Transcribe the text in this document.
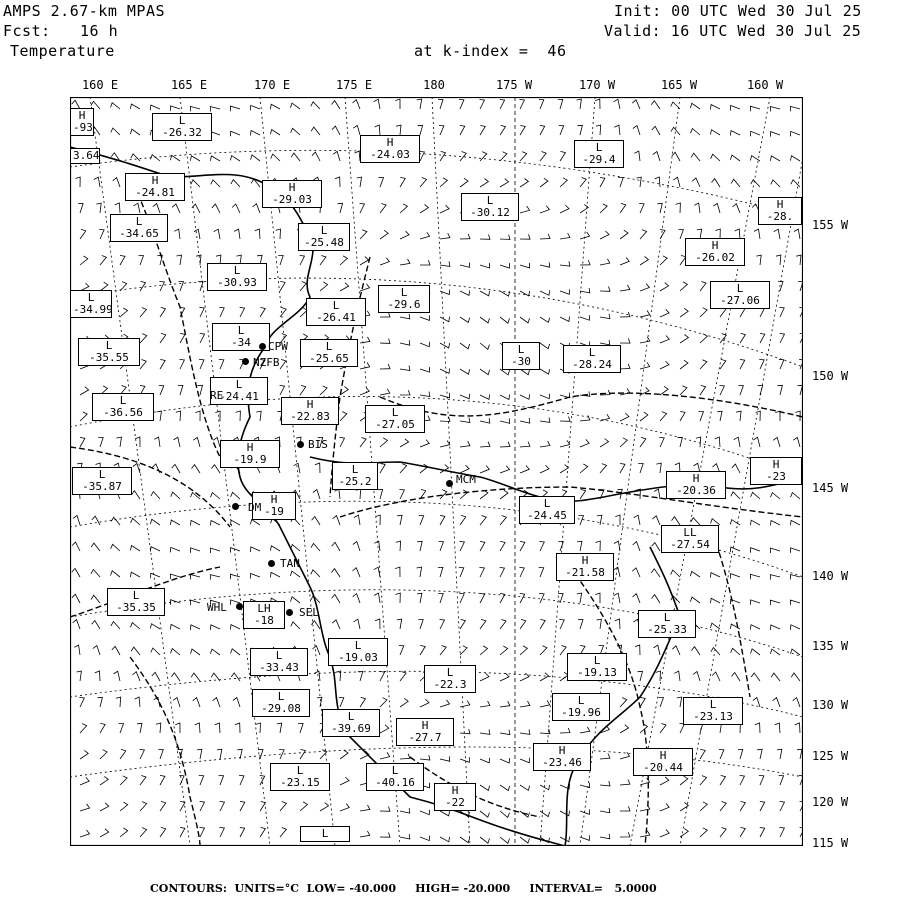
AMPS 2.67-km MPAS
Fcst: 16 h
Temperature
Init: 00 UTC Wed 30 Jul 25
Valid: 16 UTC Wed 30 Jul 25
at k-index =  46
160 E	165 E	170 E	175 E	180	175 W	170 W	165 W	160 W
155 W
150 W
145 W
140 W
135 W
130 W
125 W
120 W
115 W
L
-26.32
H
-24.03
L
-29.4
H
-24.81	H
-29.03	L
-30.12
H
-28.
L
-34.65	L
-25.48	H
-26.02
L
-30.93	L
-27.06
L
-34.99	L
-26.41
L
-29.6
L
-34
L
-35.55
L
-25.65
L
-30
L
-28.24
L
-36.56
L
-24.41
H
-22.83	L
-27.05
H
-19.9
L
-25.2
L
-35.87
H
-20.36
H
-23
H
-19
L
-24.45
LL
-27.54
H
-21.58
L
-35.35	LH
-18	L
-25.33
L
-33.43
L
-19.03
L
-22.3
L
-19.13
L
-29.08
L
-19.96
L
-23.13
L
-39.69	H
-27.7
H
-23.46
H
-20.44
L
-23.15
L
-40.16
H
-22
L
H
-93
3.64
CPW
NZFB
RE
BIS
MCM
DM
TAN
WHL	SEL
CONTOURS:  UNITS=°C  LOW= -40.000     HIGH= -20.000     INTERVAL=   5.0000
